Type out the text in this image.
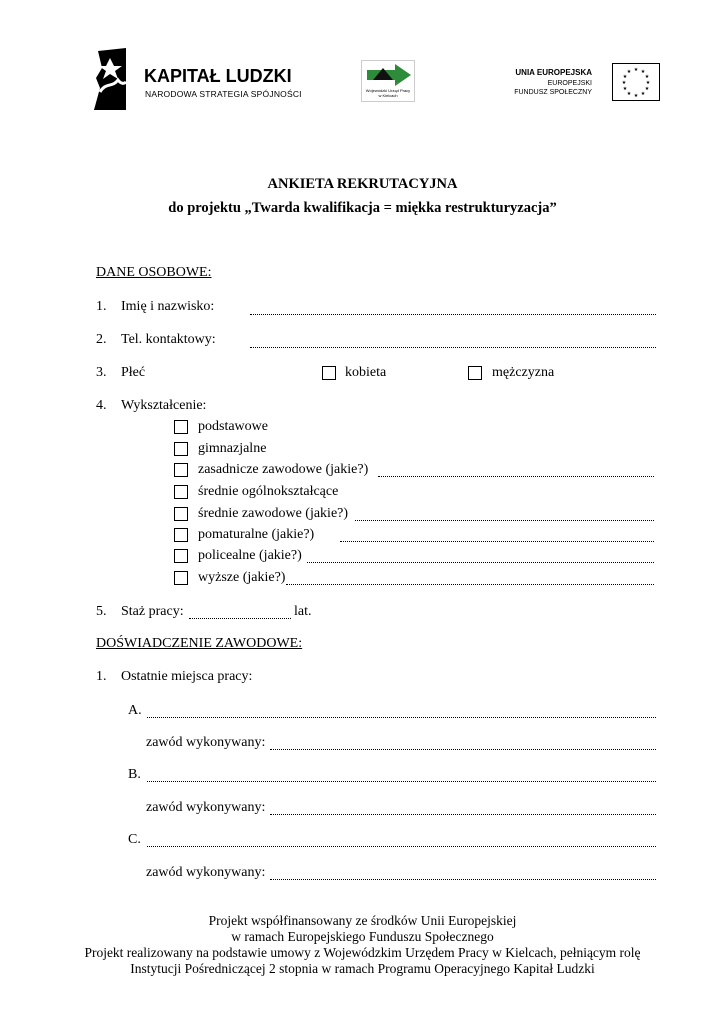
KAPITAŁ LUDZKI
NARODOWA STRATEGIA SPÓJNOŚCI	Wojewódzki Urząd Pracy
w Kielcach
UNIA EUROPEJSKA
EUROPEJSKI
FUNDUSZ SPOŁECZNY
★ ★
★
★
★
★
★
★
★
★
★
★
ANKIETA REKRUTACYJNA
do projektu „Twarda kwalifikacja = miękka restrukturyzacja”
DANE OSOBOWE:
1. Imię i nazwisko:
2. Tel. kontaktowy:
3. Płeć	kobieta	mężczyzna
4. Wykształcenie:
podstawowe
gimnazjalne
zasadnicze zawodowe (jakie?)
średnie ogólnokształcące
średnie zawodowe (jakie?)
pomaturalne (jakie?)
policealne (jakie?)
wyższe (jakie?)
5. Staż pracy:	lat.
DOŚWIADCZENIE ZAWODOWE:
1. Ostatnie miejsca pracy:
A.
zawód wykonywany:
B.
zawód wykonywany:
C.
zawód wykonywany:
Projekt współfinansowany ze środków Unii Europejskiej
w ramach Europejskiego Funduszu Społecznego
Projekt realizowany na podstawie umowy z Wojewódzkim Urzędem Pracy w Kielcach, pełniącym rolę
Instytucji Pośredniczącej 2 stopnia w ramach Programu Operacyjnego Kapitał Ludzki
